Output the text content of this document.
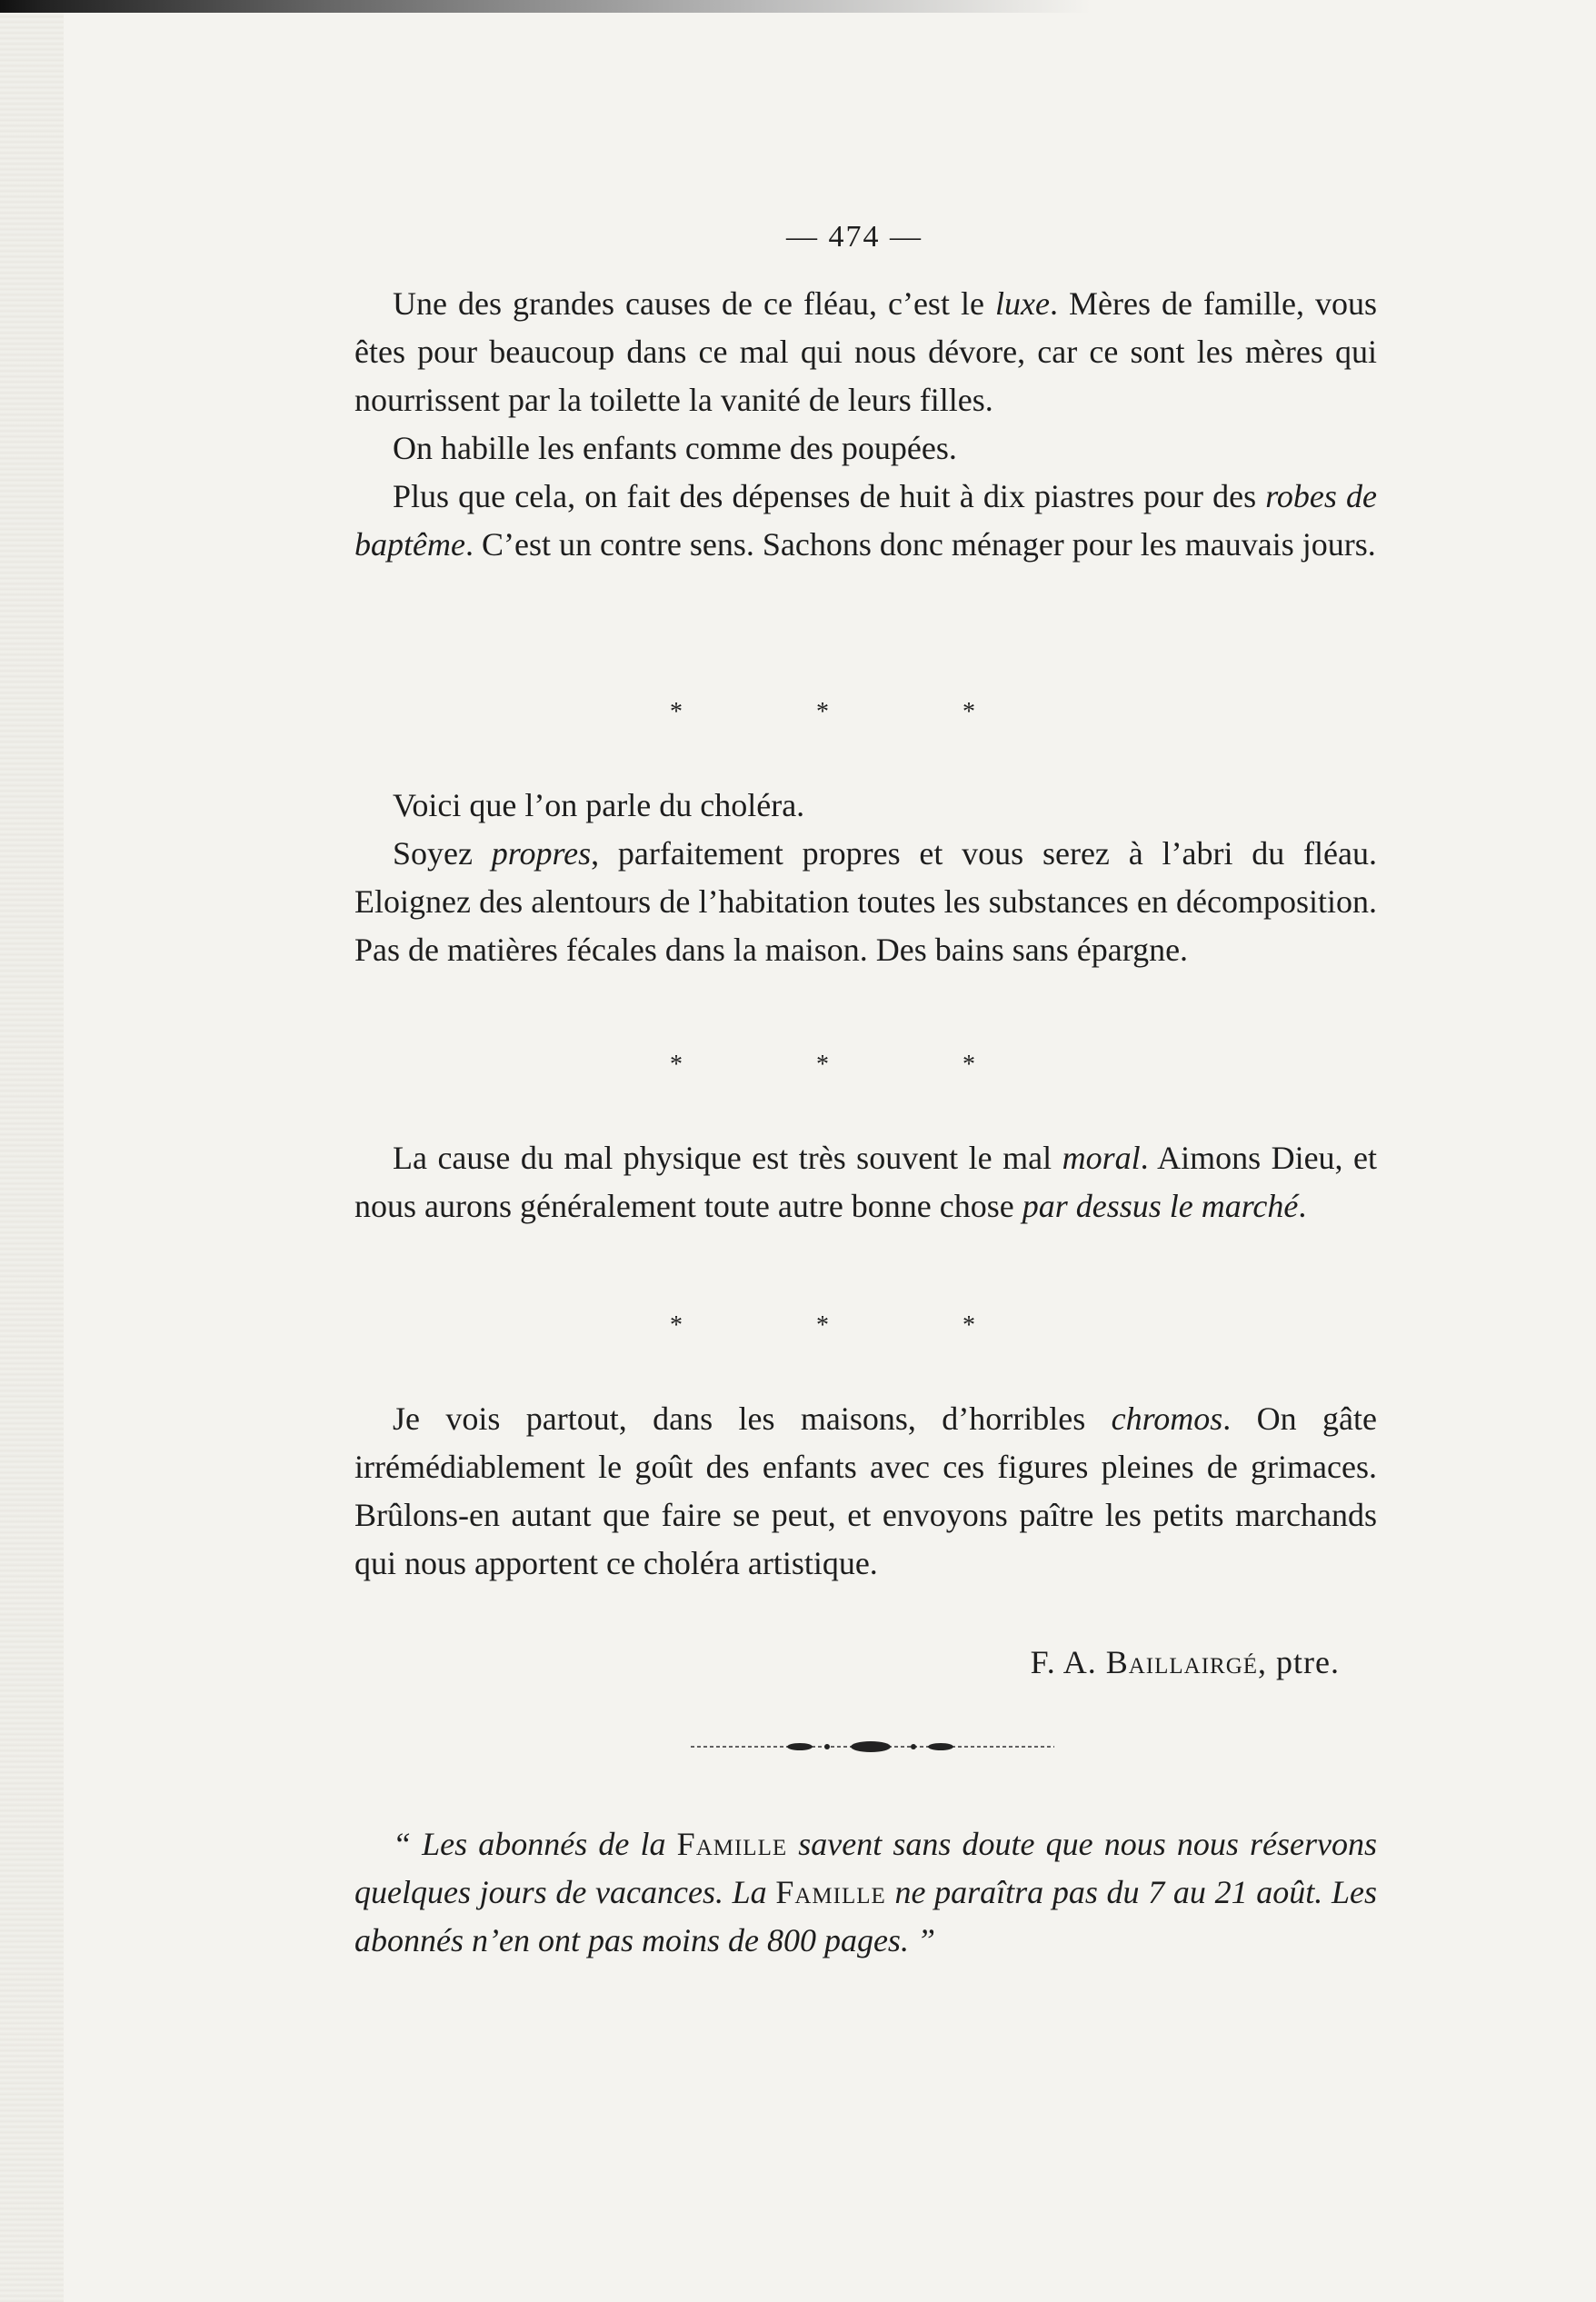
— 474 —

Une des grandes causes de ce fléau, c’est le luxe. Mères de famille, vous êtes pour beaucoup dans ce mal qui nous dévore, car ce sont les mères qui nourrissent par la toilette la vanité de leurs filles.

On habille les enfants comme des poupées.

Plus que cela, on fait des dépenses de huit à dix piastres pour des robes de baptême. C’est un contre sens. Sachons donc ménager pour les mauvais jours.

* * *

Voici que l’on parle du choléra.

Soyez propres, parfaitement propres et vous serez à l’abri du fléau. Eloignez des alentours de l’habitation toutes les substances en décomposition. Pas de matières fécales dans la maison. Des bains sans épargne.

* * *

La cause du mal physique est très souvent le mal moral. Aimons Dieu, et nous aurons généralement toute autre bonne chose par dessus le marché.

* * *

Je vois partout, dans les maisons, d’horribles chromos. On gâte irrémédiablement le goût des enfants avec ces figures pleines de grimaces. Brûlons-en autant que faire se peut, et envoyons paître les petits marchands qui nous apportent ce choléra artistique.

F. A. Baillairgé, ptre.

“ Les abonnés de la Famille savent sans doute que nous nous réservons quelques jours de vacances. La Famille ne paraîtra pas du 7 au 21 août. Les abonnés n’en ont pas moins de 800 pages. ”
